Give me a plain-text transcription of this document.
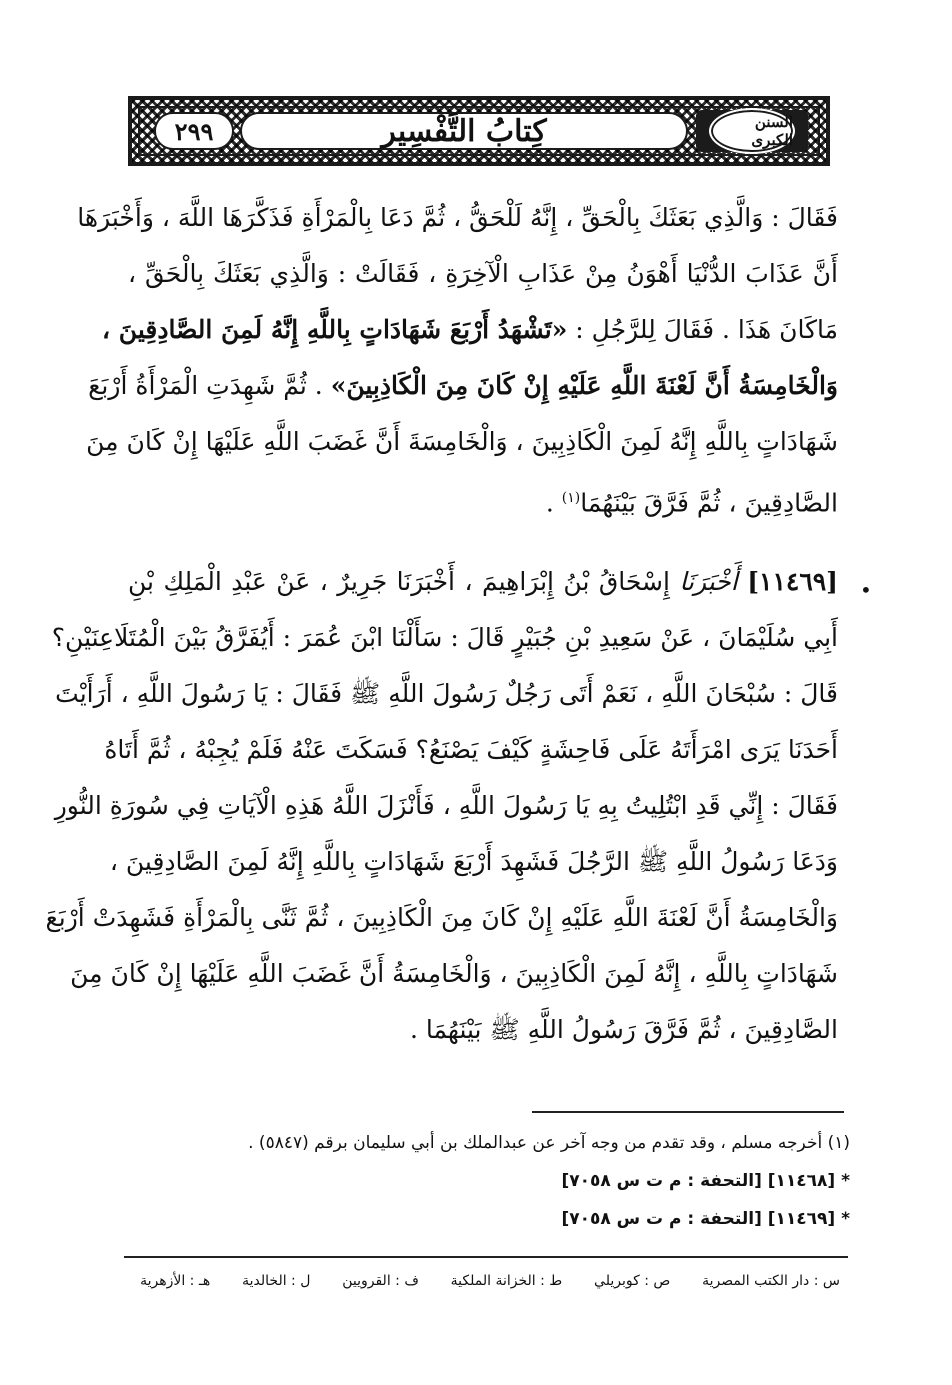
٢٩٩	كِتابُ التَّفْسِير	السنن الكبرى
فَقَالَ : وَالَّذِي بَعَثَكَ بِالْحَقِّ ، إِنَّهُ لَلْحَقُّ ، ثُمَّ دَعَا بِالْمَرْأَةِ فَذَكَّرَهَا اللَّهَ ، وَأَخْبَرَهَا
أَنَّ عَذَابَ الدُّنْيَا أَهْوَنُ مِنْ عَذَابِ الْآخِرَةِ ، فَقَالَتْ : وَالَّذِي بَعَثَكَ بِالْحَقِّ ،
مَاكَانَ هَذَا . فَقَالَ لِلرَّجُلِ : «تَشْهَدُ أَرْبَعَ شَهَادَاتٍ بِاللَّهِ إِنَّهُ لَمِنَ الصَّادِقِينَ ،
وَالْخَامِسَةُ أَنَّ لَعْنَةَ اللَّهِ عَلَيْهِ إِنْ كَانَ مِنَ الْكَاذِبِينَ» . ثُمَّ شَهِدَتِ الْمَرْأَةُ أَرْبَعَ
شَهَادَاتٍ بِاللَّهِ إِنَّهُ لَمِنَ الْكَاذِبِينَ ، وَالْخَامِسَةَ أَنَّ غَضَبَ اللَّهِ عَلَيْهَا إِنْ كَانَ مِنَ
الصَّادِقِينَ ، ثُمَّ فَرَّقَ بَيْنَهُمَا$^{(١)}$ .
•
[١١٤٦٩] أَخْبَرَنَا إِسْحَاقُ بْنُ إِبْرَاهِيمَ ، أَخْبَرَنَا جَرِيرٌ ، عَنْ عَبْدِ الْمَلِكِ بْنِ
أَبِي سُلَيْمَانَ ، عَنْ سَعِيدِ بْنِ جُبَيْرٍ قَالَ : سَأَلْنَا ابْنَ عُمَرَ : أَيُفَرَّقُ بَيْنَ الْمُتَلَاعِنَيْنِ؟
قَالَ : سُبْحَانَ اللَّهِ ، نَعَمْ أَتَى رَجُلٌ رَسُولَ اللَّهِ ﷺ فَقَالَ : يَا رَسُولَ اللَّهِ ، أَرَأَيْتَ
أَحَدَنَا يَرَى امْرَأَتَهُ عَلَى فَاحِشَةٍ كَيْفَ يَصْنَعُ؟ فَسَكَتَ عَنْهُ فَلَمْ يُجِبْهُ ، ثُمَّ أَتَاهُ
فَقَالَ : إِنِّي قَدِ ابْتُلِيتُ بِهِ يَا رَسُولَ اللَّهِ ، فَأَنْزَلَ اللَّهُ هَذِهِ الْآيَاتِ فِي سُورَةِ النُّورِ
وَدَعَا رَسُولُ اللَّهِ ﷺ الرَّجُلَ فَشَهِدَ أَرْبَعَ شَهَادَاتٍ بِاللَّهِ إِنَّهُ لَمِنَ الصَّادِقِينَ ،
وَالْخَامِسَةُ أَنَّ لَعْنَةَ اللَّهِ عَلَيْهِ إِنْ كَانَ مِنَ الْكَاذِبِينَ ، ثُمَّ ثَنَّى بِالْمَرْأَةِ فَشَهِدَتْ أَرْبَعَ
شَهَادَاتٍ بِاللَّهِ ، إِنَّهُ لَمِنَ الْكَاذِبِينَ ، وَالْخَامِسَةُ أَنَّ غَضَبَ اللَّهِ عَلَيْهَا إِنْ كَانَ مِنَ
الصَّادِقِينَ ، ثُمَّ فَرَّقَ رَسُولُ اللَّهِ ﷺ بَيْنَهُمَا .
(١) أخرجه مسلم ، وقد تقدم من وجه آخر عن عبدالملك بن أبي سليمان برقم (٥٨٤٧) .
* [١١٤٦٨] [التحفة : م ت س ٧٠٥٨]
* [١١٤٦٩] [التحفة : م ت س ٧٠٥٨]
س : دار الكتب المصرية
ص : كوبريلي
ط : الخزانة الملكية
ف : القرويين
ل : الخالدية
هـ : الأزهرية
